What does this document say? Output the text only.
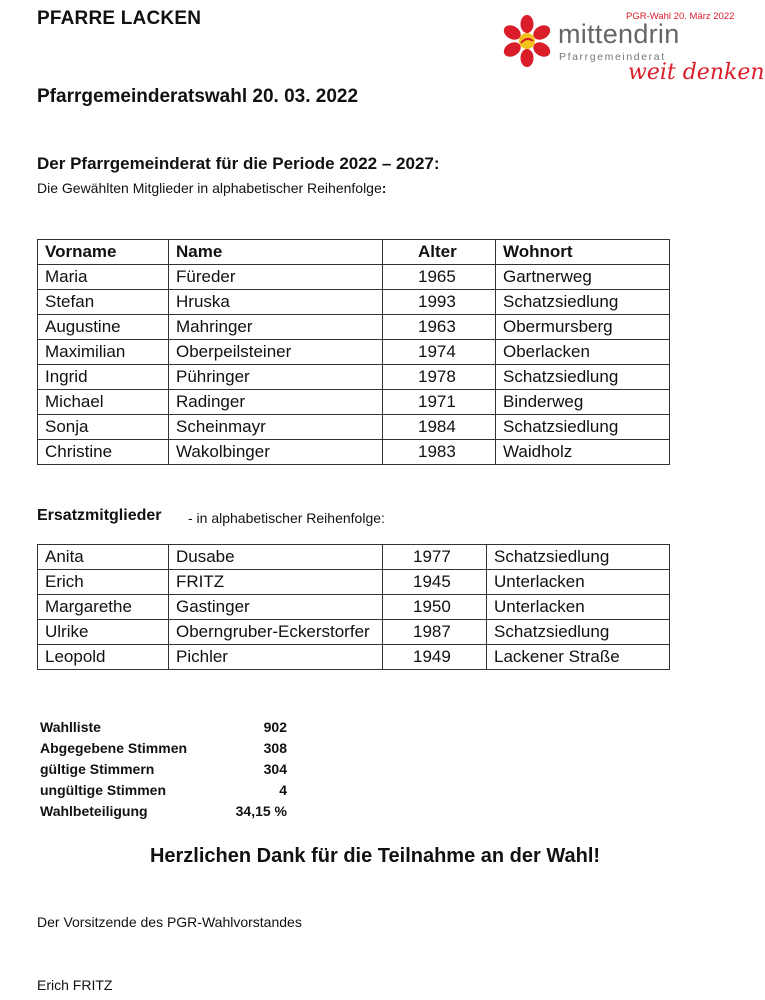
PFARRE LACKEN	PGR-Wahl 20. März 2022
mittendrin
Pfarrgemeinderat
weit denken
Pfarrgemeinderatswahl 20. 03. 2022
Der Pfarrgemeinderat für die Periode 2022 – 2027:
Die Gewählten Mitglieder in alphabetischer Reihenfolge:
Vorname	Name	Alter	Wohnort
Maria	Füreder	1965	Gartnerweg
Stefan	Hruska	1993	Schatzsiedlung
Augustine	Mahringer	1963	Obermursberg
Maximilian	Oberpeilsteiner	1974	Oberlacken
Ingrid	Pühringer	1978	Schatzsiedlung
Michael	Radinger	1971	Binderweg
Sonja	Scheinmayr	1984	Schatzsiedlung
Christine	Wakolbinger	1983	Waidholz
Ersatzmitglieder - in alphabetischer Reihenfolge:
Anita	Dusabe	1977	Schatzsiedlung
Erich	FRITZ	1945	Unterlacken
Margarethe	Gastinger	1950	Unterlacken
Ulrike	Oberngruber-Eckerstorfer	1987	Schatzsiedlung
Leopold	Pichler	1949	Lackener Straße
Wahlliste	902
Abgegebene Stimmen	308
gültige Stimmern	304
ungültige Stimmen	4
Wahlbeteiligung	34,15 %
Herzlichen Dank für die Teilnahme an der Wahl!
Der Vorsitzende des PGR-Wahlvorstandes
Erich FRITZ
